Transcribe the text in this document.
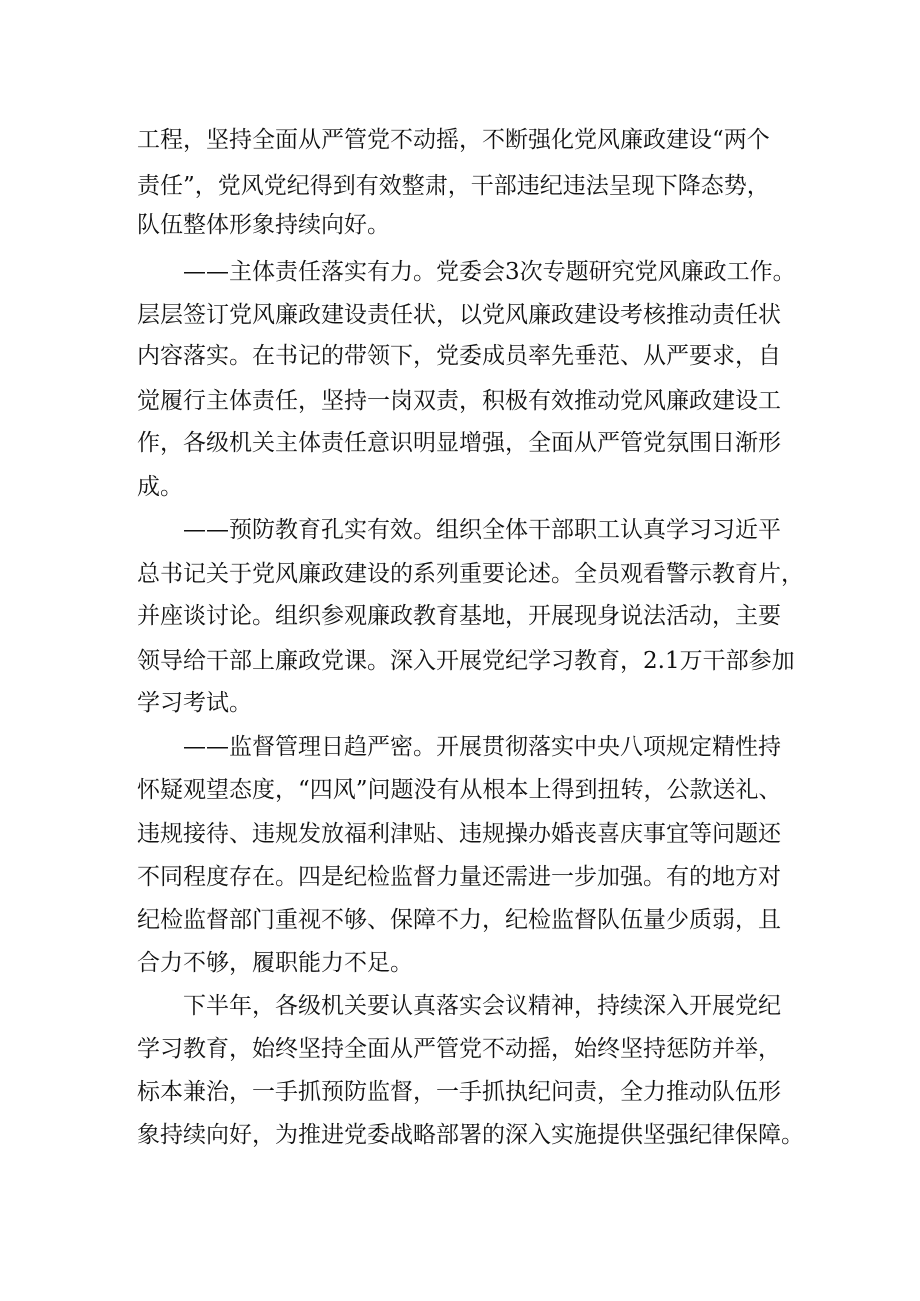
工程，坚持全面从严管党不动摇，不断强化党风廉政建设“两个

责任”，党风党纪得到有效整肃，干部违纪违法呈现下降态势，

队伍整体形象持续向好。

——主体责任落实有力。党委会3次专题研究党风廉政工作。

层层签订党风廉政建设责任状，以党风廉政建设考核推动责任状

内容落实。在书记的带领下，党委成员率先垂范、从严要求，自

觉履行主体责任，坚持一岗双责，积极有效推动党风廉政建设工

作，各级机关主体责任意识明显增强，全面从严管党氛围日渐形

成。

——预防教育孔实有效。组织全体干部职工认真学习习近平

总书记关于党风廉政建设的系列重要论述。全员观看警示教育片，

并座谈讨论。组织参观廉政教育基地，开展现身说法活动，主要

领导给干部上廉政党课。深入开展党纪学习教育，2.1万干部参加

学习考试。

——监督管理日趋严密。开展贯彻落实中央八项规定精性持

怀疑观望态度，“四风”问题没有从根本上得到扭转，公款送礼、

违规接待、违规发放福利津贴、违规操办婚丧喜庆事宜等问题还

不同程度存在。四是纪检监督力量还需进一步加强。有的地方对

纪检监督部门重视不够、保障不力，纪检监督队伍量少质弱，且

合力不够，履职能力不足。

下半年，各级机关要认真落实会议精神，持续深入开展党纪

学习教育，始终坚持全面从严管党不动摇，始终坚持惩防并举，

标本兼治，一手抓预防监督，一手抓执纪问责，全力推动队伍形

象持续向好，为推进党委战略部署的深入实施提供坚强纪律保障。
